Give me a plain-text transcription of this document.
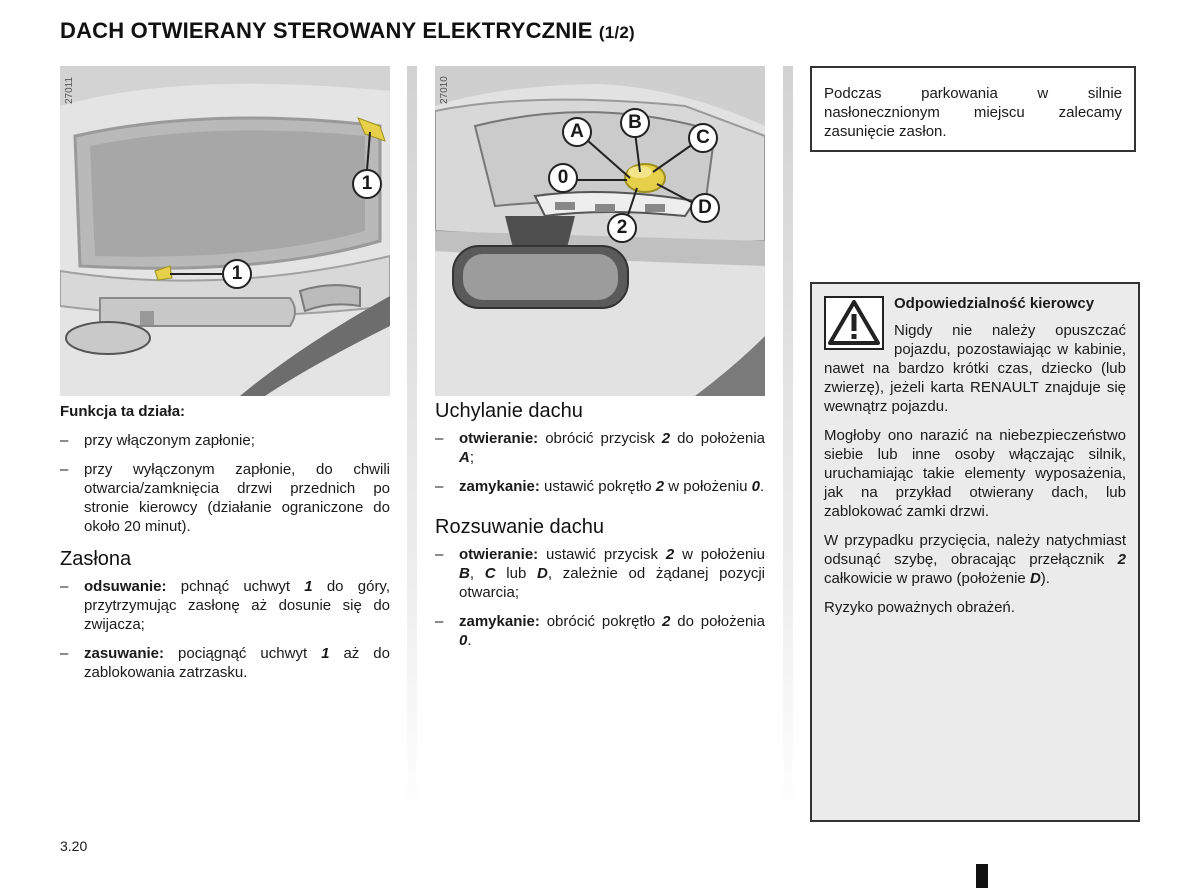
DACH OTWIERANY STEROWANY ELEKTRYCZNIE (1/2)
27011
1
1
27010
A B
C
0
D
2

Funkcja ta działa:

– przy włączonym zapłonie;
– przy wyłączonym zapłonie, do chwili otwarcia/zamknięcia drzwi przednich po stronie kierowcy (działanie ograniczone do około 20 minut).
Zasłona
– odsuwanie: pchnąć uchwyt 1 do góry, przytrzymując zasłonę aż dosunie się do zwijacza;
– zasuwanie: pociągnąć uchwyt 1 aż do zablokowania zatrzasku.
Uchylanie dachu
– otwieranie: obrócić przycisk 2 do położenia A;
– zamykanie: ustawić pokrętło 2 w położeniu 0.
Rozsuwanie dachu
– otwieranie: ustawić przycisk 2 w położeniu B, C lub D, zależnie od żądanej pozycji otwarcia;
– zamykanie: obrócić pokrętło 2 do położenia 0.
Podczas parkowania w silnie nasłonecznionym miejscu zalecamy zasunięcie zasłon.

Odpowiedzialność kierowcy

Nigdy nie należy opuszczać pojazdu, pozostawiając w kabinie, nawet na bardzo krótki czas, dziecko (lub zwierzę), jeżeli karta RENAULT znajduje się wewnątrz pojazdu.

Mogłoby ono narazić na niebezpieczeństwo siebie lub inne osoby włączając silnik, uruchamiając takie elementy wyposażenia, jak na przykład otwierany dach, lub zablokować zamki drzwi.

W przypadku przycięcia, należy natychmiast odsunąć szybę, obracając przełącznik 2 całkowicie w prawo (położenie D).

Ryzyko poważnych obrażeń.

3.20
